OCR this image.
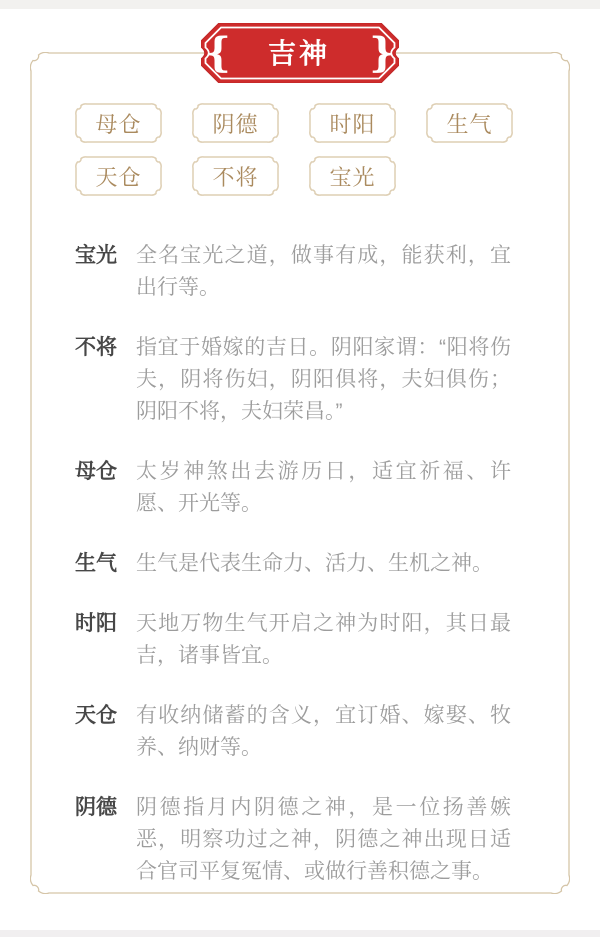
母仓	阴德	时阳	生气
天仓	不将	宝光
宝光 全名宝光之道，做事有成，能获利，宜出行等。
不将 指宜于婚嫁的吉日。阴阳家谓：“阳将伤夫，阴将伤妇，阴阳俱将，夫妇俱伤；阴阳不将，夫妇荣昌。”
母仓 太岁神煞出去游历日，适宜祈福、许愿、开光等。
生气 生气是代表生命力、活力、生机之神。
时阳 天地万物生气开启之神为时阳，其日最吉，诸事皆宜。
天仓 有收纳储蓄的含义，宜订婚、嫁娶、牧养、纳财等。
阴德 阴德指月内阴德之神，是一位扬善嫉恶，明察功过之神，阴德之神出现日适合官司平复冤情、或做行善积德之事。
{	}
吉神
